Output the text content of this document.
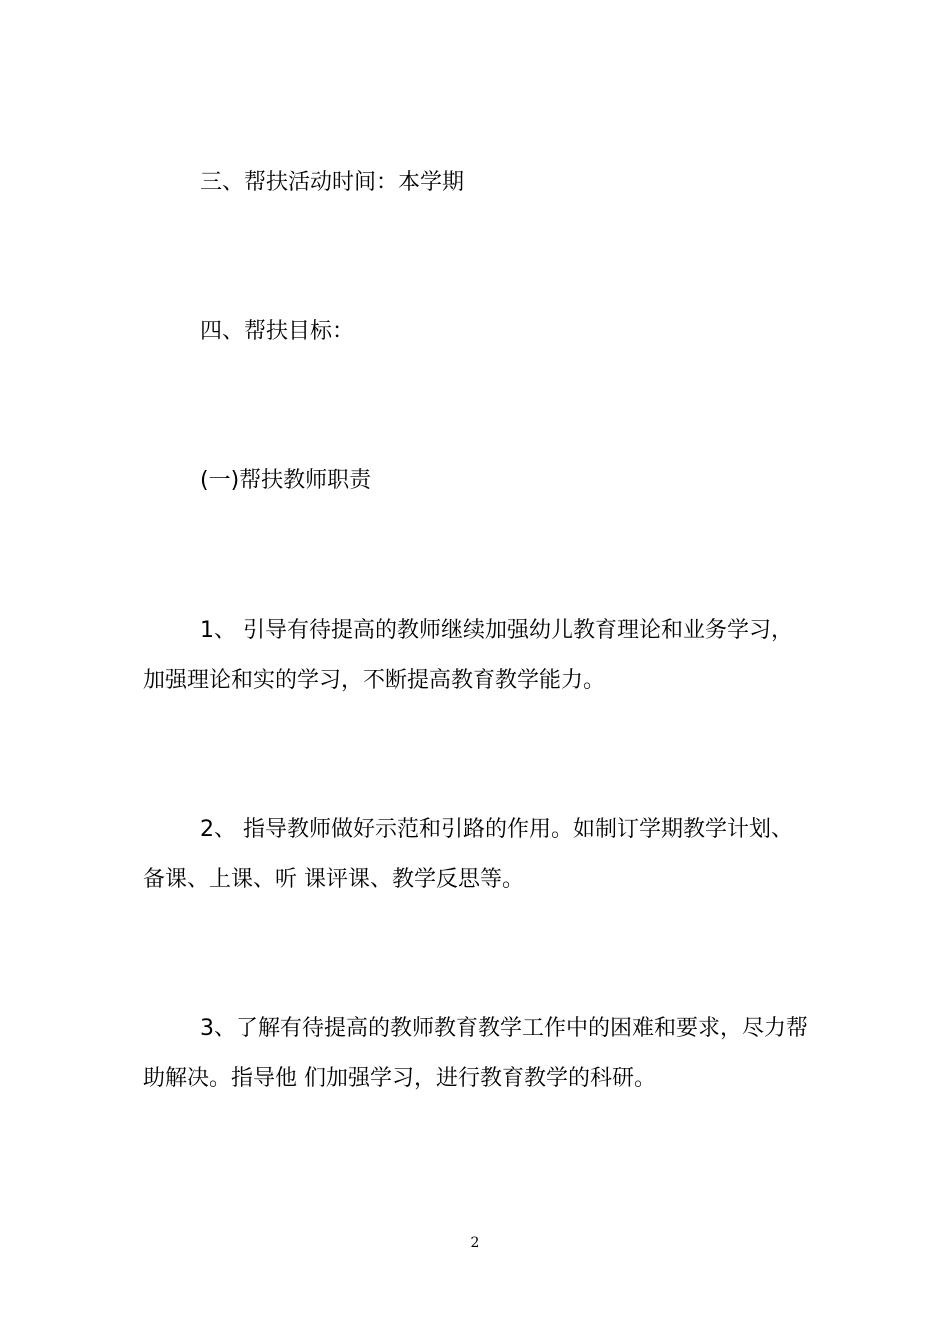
三、帮扶活动时间：本学期
四、帮扶目标：
(一)帮扶教师职责
1、 引导有待提高的教师继续加强幼儿教育理论和业务学习，
加强理论和实的学习，不断提高教育教学能力。
2、 指导教师做好示范和引路的作用。如制订学期教学计划、
备课、上课、听 课评课、教学反思等。
3、了解有待提高的教师教育教学工作中的困难和要求，尽力帮
助解决。指导他 们加强学习，进行教育教学的科研。
2
